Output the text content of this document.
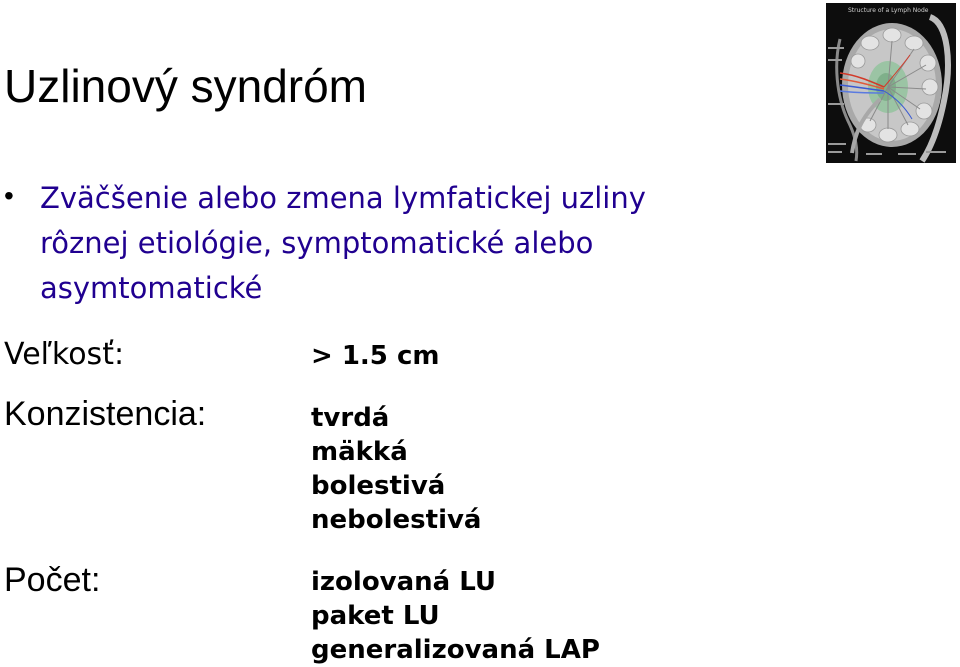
Uzlinový syndróm
• Zväčšenie alebo zmena lymfatickej uzliny
rôznej etiológie, symptomatické alebo
asymtomatické
Veľkosť:	> 1.5 cm
Konzistencia:	tvrdá
mäkká
bolestivá
nebolestivá
Počet:	izolovaná LU
paket LU
generalizovaná LAP
Structure of a Lymph Node
